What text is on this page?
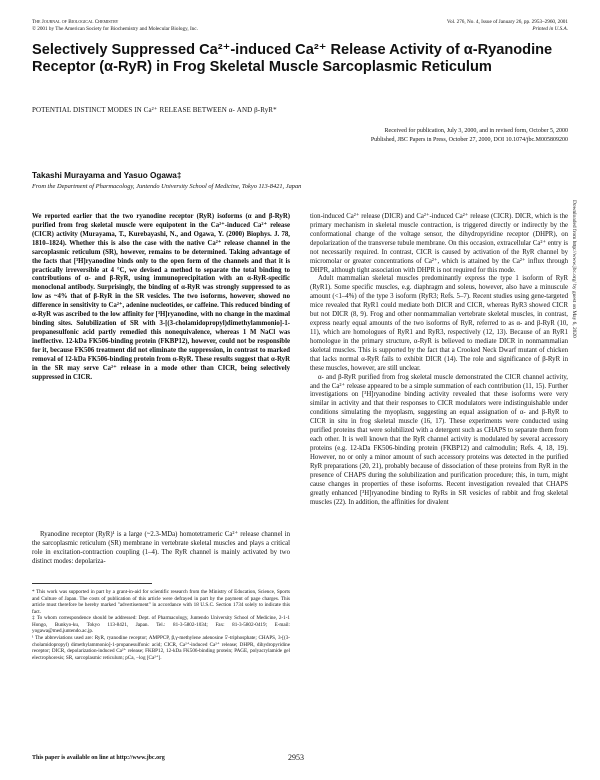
The Journal of Biological Chemistry
© 2001 by The American Society for Biochemistry and Molecular Biology, Inc.
Vol. 276, No. 4, Issue of January 26, pp. 2953–2960, 2001
Printed in U.S.A.
Selectively Suppressed Ca²⁺-induced Ca²⁺ Release Activity of α-Ryanodine Receptor (α-RyR) in Frog Skeletal Muscle Sarcoplasmic Reticulum
POTENTIAL DISTINCT MODES IN Ca²⁺ RELEASE BETWEEN α- AND β-RyR*
Received for publication, July 3, 2000, and in revised form, October 5, 2000
Published, JBC Papers in Press, October 27, 2000, DOI 10.1074/jbc.M005809200
Takashi Murayama and Yasuo Ogawa‡
From the Department of Pharmacology, Juntendo University School of Medicine, Tokyo 113-8421, Japan

We reported earlier that the two ryanodine receptor (RyR) isoforms (α and β-RyR) purified from frog skeletal muscle were equipotent in the Ca²⁺-induced Ca²⁺ release (CICR) activity (Murayama, T., Kurebayashi, N., and Ogawa, Y. (2000) Biophys. J. 78, 1810–1824). Whether this is also the case with the native Ca²⁺ release channel in the sarcoplasmic reticulum (SR), however, remains to be determined. Taking advantage of the facts that [³H]ryanodine binds only to the open form of the channels and that it is practically irreversible at 4 °C, we devised a method to separate the total binding to contributions of α- and β-RyR, using immunoprecipitation with an α-RyR-specific monoclonal antibody. Surprisingly, the binding of α-RyR was strongly suppressed to as low as ~4% that of β-RyR in the SR vesicles. The two isoforms, however, showed no difference in sensitivity to Ca²⁺, adenine nucleotides, or caffeine. This reduced binding of α-RyR was ascribed to the low affinity for [³H]ryanodine, with no change in the maximal binding sites. Solubilization of SR with 3-[(3-cholamidopropyl)dimethylammonio]-1-propanesulfonic acid partly remedied this nonequivalence, whereas 1 M NaCl was ineffective. 12-kDa FK506-binding protein (FKBP12), however, could not be responsible for it, because FK506 treatment did not eliminate the suppression, in contrast to marked removal of 12-kDa FK506-binding protein from α-RyR. These results suggest that α-RyR in the SR may serve Ca²⁺ release in a mode other than CICR, being selectively suppressed in CICR.

Ryanodine receptor (RyR)¹ is a large (~2.3-MDa) homotetrameric Ca²⁺ release channel in the sarcoplasmic reticulum (SR) membrane in vertebrate skeletal muscles and plays a critical role in excitation-contraction coupling (1–4). The RyR channel is mainly activated by two distinct modes: depolariza-

* This work was supported in part by a grant-in-aid for scientific research from the Ministry of Education, Science, Sports and Culture of Japan. The costs of publication of this article were defrayed in part by the payment of page charges. This article must therefore be hereby marked "advertisement" in accordance with 18 U.S.C. Section 1734 solely to indicate this fact.

‡ To whom correspondence should be addressed: Dept. of Pharmacology, Juntendo University School of Medicine, 2-1-1 Hongo, Bunkyo-ku, Tokyo 113-8421, Japan. Tel.: 81-3-5802-1034; Fax: 81-3-5802-0419; E-mail: yogawa@med.juntendo.ac.jp.

¹ The abbreviations used are: RyR, ryanodine receptor; AMPPCP, β,γ-methylene adenosine 5'-triphosphate; CHAPS, 3-[(3-cholamidopropyl) dimethylammonio]-1-propanesulfonic acid; CICR, Ca²⁺-induced Ca²⁺ release; DHPR, dihydropyridine receptor; DICR, depolarization-induced Ca²⁺ release; FKBP12, 12-kDa FK506-binding protein; PAGE, polyacrylamide gel electrophoresis; SR, sarcoplasmic reticulum; pCa, −log [Ca²⁺].

tion-induced Ca²⁺ release (DICR) and Ca²⁺-induced Ca²⁺ release (CICR). DICR, which is the primary mechanism in skeletal muscle contraction, is triggered directly or indirectly by the conformational change of the voltage sensor, the dihydropyridine receptor (DHPR), on depolarization of the transverse tubule membrane. On this occasion, extracellular Ca²⁺ entry is not necessarily required. In contrast, CICR is caused by activation of the RyR channel by micromolar or greater concentrations of Ca²⁺, which is attained by the Ca²⁺ influx through DHPR, although tight association with DHPR is not required for this mode.

Adult mammalian skeletal muscles predominantly express the type 1 isoform of RyR (RyR1). Some specific muscles, e.g. diaphragm and soleus, however, also have a minuscule amount (<1–4%) of the type 3 isoform (RyR3; Refs. 5–7). Recent studies using gene-targeted mice revealed that RyR1 could mediate both DICR and CICR, whereas RyR3 showed CICR but not DICR (8, 9). Frog and other nonmammalian vertebrate skeletal muscles, in contrast, express nearly equal amounts of the two isoforms of RyR, referred to as α- and β-RyR (10, 11), which are homologues of RyR1 and RyR3, respectively (12, 13). Because of an RyR1 homologue in the primary structure, α-RyR is believed to mediate DICR in nonmammalian skeletal muscles. This is supported by the fact that a Crooked Neck Dwarf mutant of chicken that lacks normal α-RyR fails to exhibit DICR (14). The role and significance of β-RyR in these muscles, however, are still unclear.

α- and β-RyR purified from frog skeletal muscle demonstrated the CICR channel activity, and the Ca²⁺ release appeared to be a simple summation of each contribution (11, 15). Further investigations on [³H]ryanodine binding activity revealed that these isoforms were very similar in activity and that their responses to CICR modulators were indistinguishable under conditions simulating the myoplasm, suggesting an equal assignation of α- and β-RyR to CICR in situ in frog skeletal muscle (16, 17). These experiments were conducted using purified proteins that were solubilized with a detergent such as CHAPS to separate them from each other. It is well known that the RyR channel activity is modulated by several accessory proteins (e.g. 12-kDa FK506-binding protein (FKBP12) and calmodulin; Refs. 4, 18, 19). However, no or only a minor amount of such accessory proteins was detected in the purified RyR preparations (20, 21), probably because of dissociation of these proteins from RyR in the presence of CHAPS during the solubilization and purification procedure; this, in turn, might cause changes in properties of these isoforms. Recent investigation revealed that CHAPS greatly enhanced [³H]ryanodine binding to RyRs in SR vesicles of rabbit and frog skeletal muscles (22). In addition, the affinities for divalent

This paper is available on line at http://www.jbc.org	2953
Downloaded from http://www.jbc.org/ by guest on May 6, 2020
